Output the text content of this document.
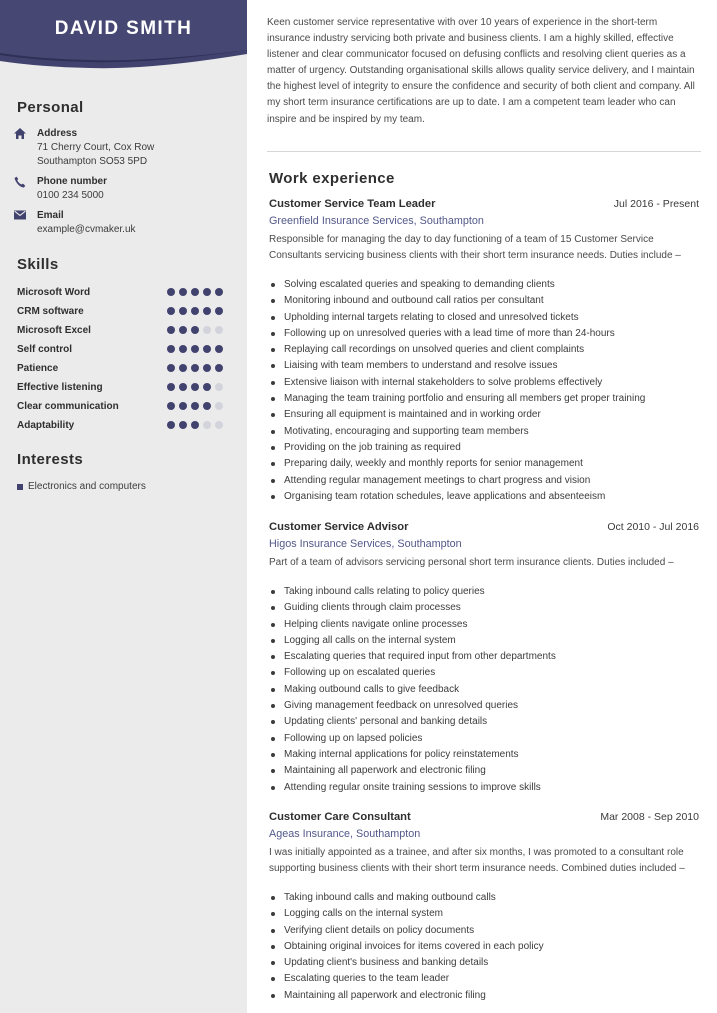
DAVID SMITH
Personal
Address
71 Cherry Court, Cox Row
Southampton SO53 5PD
Phone number
0100 234 5000
Email
example@cvmaker.uk
Skills
Microsoft Word
CRM software
Microsoft Excel
Self control
Patience
Effective listening
Clear communication
Adaptability
Interests
Electronics and computers
Keen customer service representative with over 10 years of experience in the short-term insurance industry servicing both private and business clients. I am a highly skilled, effective listener and clear communicator focused on defusing conflicts and resolving client queries as a matter of urgency. Outstanding organisational skills allows quality service delivery, and I maintain the highest level of integrity to ensure the confidence and security of both client and company. All my short term insurance certifications are up to date. I am a competent team leader who can inspire and be inspired by my team.
Work experience
Customer Service Team Leader	Jul 2016 - Present
Greenfield Insurance Services, Southampton
Responsible for managing the day to day functioning of a team of 15 Customer Service Consultants servicing business clients with their short term insurance needs. Duties include –
Solving escalated queries and speaking to demanding clients
Monitoring inbound and outbound call ratios per consultant
Upholding internal targets relating to closed and unresolved tickets
Following up on unresolved queries with a lead time of more than 24-hours
Replaying call recordings on unsolved queries and client complaints
Liaising with team members to understand and resolve issues
Extensive liaison with internal stakeholders to solve problems effectively
Managing the team training portfolio and ensuring all members get proper training
Ensuring all equipment is maintained and in working order
Motivating, encouraging and supporting team members
Providing on the job training as required
Preparing daily, weekly and monthly reports for senior management
Attending regular management meetings to chart progress and vision
Organising team rotation schedules, leave applications and absenteeism
Customer Service Advisor	Oct 2010 - Jul 2016
Higos Insurance Services, Southampton
Part of a team of advisors servicing personal short term insurance clients. Duties included –
Taking inbound calls relating to policy queries
Guiding clients through claim processes
Helping clients navigate online processes
Logging all calls on the internal system
Escalating queries that required input from other departments
Following up on escalated queries
Making outbound calls to give feedback
Giving management feedback on unresolved queries
Updating clients' personal and banking details
Following up on lapsed policies
Making internal applications for policy reinstatements
Maintaining all paperwork and electronic filing
Attending regular onsite training sessions to improve skills
Customer Care Consultant	Mar 2008 - Sep 2010
Ageas Insurance, Southampton
I was initially appointed as a trainee, and after six months, I was promoted to a consultant role supporting business clients with their short term insurance needs. Combined duties included –
Taking inbound calls and making outbound calls
Logging calls on the internal system
Verifying client details on policy documents
Obtaining original invoices for items covered in each policy
Updating client's business and banking details
Escalating queries to the team leader
Maintaining all paperwork and electronic filing
